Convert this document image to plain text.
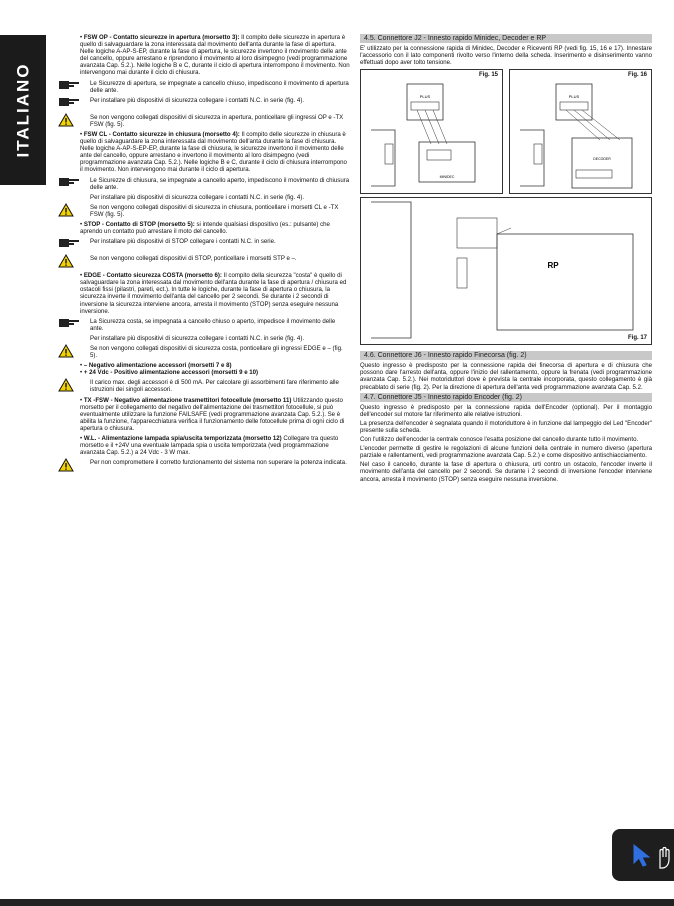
ITALIANO
• FSW OP - Contatto sicurezze in apertura (morsetto 3): Il compito delle sicurezze in apertura è quello di salvaguardare la zona interessata dal movimento dell'anta durante la fase di apertura. Nelle logiche A-AP-S-EP, durante la fase di apertura, le sicurezze invertono il movimento delle ante del cancello, oppure arrestano e riprendono il movimento al loro disimpegno (vedi programmazione avanzata Cap. 5.2.). Nelle logiche B e C, durante il ciclo di apertura interrompono il movimento. Non intervengono mai durante il ciclo di chiusura.
Le Sicurezze di apertura, se impegnate a cancello chiuso, impediscono il movimento di apertura delle ante.
Per installare più dispositivi di sicurezza collegare i contatti N.C. in serie (fig. 4).
Se non vengono collegati dispositivi di sicurezza in apertura, ponticellare gli ingressi OP e -TX FSW (fig. 5).
• FSW CL - Contatto sicurezze in chiusura (morsetto 4): Il compito delle sicurezze in chiusura è quello di salvaguardare la zona interessata dal movimento dell'anta durante la fase di chiusura. Nelle logiche A-AP-S-EP-EP, durante la fase di chiusura, le sicurezze invertono il movimento delle ante del cancello, oppure arrestano e invertono il movimento al loro disimpegno (vedi programmazione avanzata Cap. 5.2.). Nelle logiche B e C, durante il ciclo di chiusura interrompono il movimento. Non intervengono mai durante il ciclo di apertura.
Le Sicurezze di chiusura, se impegnate a cancello aperto, impediscono il movimento di chiusura delle ante.
Per installare più dispositivi di sicurezza collegare i contatti N.C. in serie (fig. 4).
Se non vengono collegati dispositivi di sicurezza in chiusura, ponticellare i morsetti CL e -TX FSW (fig. 5).
• STOP - Contatto di STOP (morsetto 5): si intende qualsiasi dispositivo (es.: pulsante) che aprendo un contatto può arrestare il moto del cancello.
Per installare più dispositivi di STOP collegare i contatti N.C. in serie.
Se non vengono collegati dispositivi di STOP, ponticellare i morsetti STP e –.
• EDGE - Contatto sicurezza COSTA (morsetto 6): Il compito della sicurezza "costa" è quello di salvaguardare la zona interessata dal movimento dell'anta durante la fase di apertura / chiusura ed ostacoli fissi (pilastri, pareti, ect.). In tutte le logiche, durante la fase di apertura o chiusura, la sicurezza inverte il movimento dell'anta del cancello per 2 secondi. Se durante i 2 secondi di inversione la sicurezza interviene ancora, arresta il movimento (STOP) senza eseguire nessuna inversione.
La Sicurezza costa, se impegnata a cancello chiuso o aperto, impedisce il movimento delle ante.
Per installare più dispositivi di sicurezza collegare i contatti N.C. in serie (fig. 4).
Se non vengono collegati dispositivi di sicurezza costa, ponticellare gli ingressi EDGE e – (fig. 5).
• – Negativo alimentazione accessori (morsetti 7 e 8)
• + 24 Vdc - Positivo alimentazione accessori (morsetti 9 e 10)
Il carico max. degli accessori è di 500 mA. Per calcolare gli assorbimenti fare riferimento alle istruzioni dei singoli accessori.
• TX -FSW - Negativo alimentazione trasmettitori fotocellule (morsetto 11) Utilizzando questo morsetto per il collegamento del negativo dell'alimentazione dei trasmettitori fotocellule, si può eventualmente utilizzare la funzione FAILSAFE (vedi programmazione avanzata Cap. 5.2.). Se è abilita la funzione, l'apparecchiatura verifica il funzionamento delle fotocellule prima di ogni ciclo di apertura o chiusura.
• W.L. - Alimentazione lampada spia/uscita temporizzata (morsetto 12) Collegare tra questo morsetto e il +24V una eventuale lampada spia o uscita temporizzata (vedi programmazione avanzata Cap. 5.2.) a 24 Vdc - 3 W max.
Per non compromettere il corretto funzionamento del sistema non superare la potenza indicata.
4.5. Connettore J2 - Innesto rapido Minidec, Decoder e RP
E' utilizzato per la connessione rapida di Minidec, Decoder e Riceventi RP (vedi fig. 15, 16 e 17). Innestare l'accessorio con il lato componenti rivolto verso l'interno della scheda. Inserimento e disinserimento vanno effettuati dopo aver tolto tensione.
Fig. 15
PLUS
MINIDEC
Fig. 16
PLUS
DECODER
Fig. 17
RP
4.6. Connettore J6 - Innesto rapido Finecorsa (fig. 2)
Questo ingresso è predisposto per la connessione rapida dei finecorsa di apertura e di chiusura che possono dare l'arresto dell'anta, oppure l'inizio del rallentamento, oppure la frenata (vedi programmazione avanzata Cap. 5.2.). Nei motoriduttori dove è prevista la centrale incorporata, questo collegamento è già precablato di serie (fig. 2). Per la direzione di apertura dell'anta vedi programmazione avanzata Cap. 5.2.
4.7. Connettore J5 - Innesto rapido Encoder (fig. 2)
Questo ingresso è predisposto per la connessione rapida dell'Encoder (optional). Per il montaggio dell'encoder sul motore far riferimento alle relative istruzioni.
La presenza dell'encoder è segnalata quando il motoriduttore è in funzione dal lampeggio del Led "Encoder" presente sulla scheda.
Con l'utilizzo dell'encoder la centrale conosce l'esatta posizione del cancello durante tutto il movimento.
L'encoder permette di gestire le regolazioni di alcune funzioni della centrale in numero diverso (apertura parziale e rallentamenti, vedi programmazione avanzata Cap. 5.2.) e come dispositivo antischiacciamento.
Nel caso il cancello, durante la fase di apertura o chiusura, urti contro un ostacolo, l'encoder inverte il movimento dell'anta del cancello per 2 secondi. Se durante i 2 secondi di inversione l'encoder interviene ancora, arresta il movimento (STOP) senza eseguire nessuna inversione.
